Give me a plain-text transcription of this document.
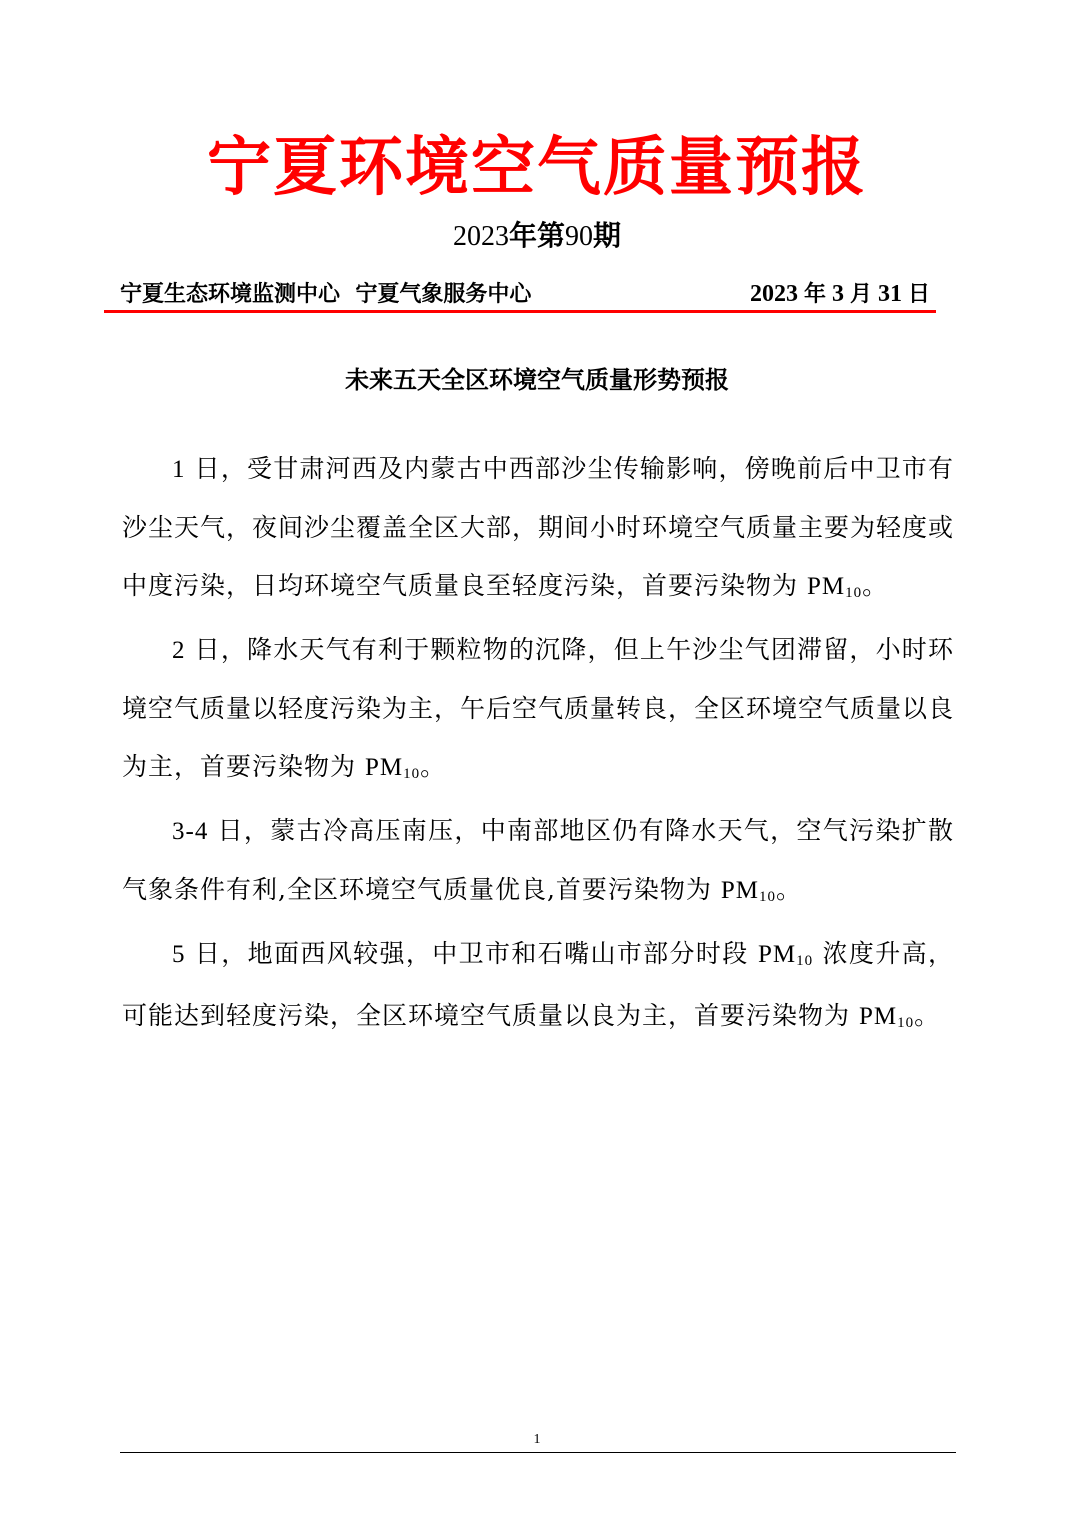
宁夏环境空气质量预报
2023年第90期
宁夏生态环境监测中心  宁夏气象服务中心	2023 年 3 月 31 日
未来五天全区环境空气质量形势预报

1 日，受甘肃河西及内蒙古中西部沙尘传输影响，傍晚前后中卫市有沙尘天气，夜间沙尘覆盖全区大部，期间小时环境空气质量主要为轻度或中度污染，日均环境空气质量良至轻度污染，首要污染物为 $PM_{10}$。

2 日，降水天气有利于颗粒物的沉降，但上午沙尘气团滞留，小时环境空气质量以轻度污染为主，午后空气质量转良，全区环境空气质量以良为主，首要污染物为 $PM_{10}$。

3-4 日，蒙古冷高压南压，中南部地区仍有降水天气，空气污染扩散气象条件有利,全区环境空气质量优良,首要污染物为 $PM_{10}$。

5 日，地面西风较强，中卫市和石嘴山市部分时段 $PM_{10}$ 浓度升高，可能达到轻度污染，全区环境空气质量以良为主，首要污染物为 $PM_{10}$。

1
